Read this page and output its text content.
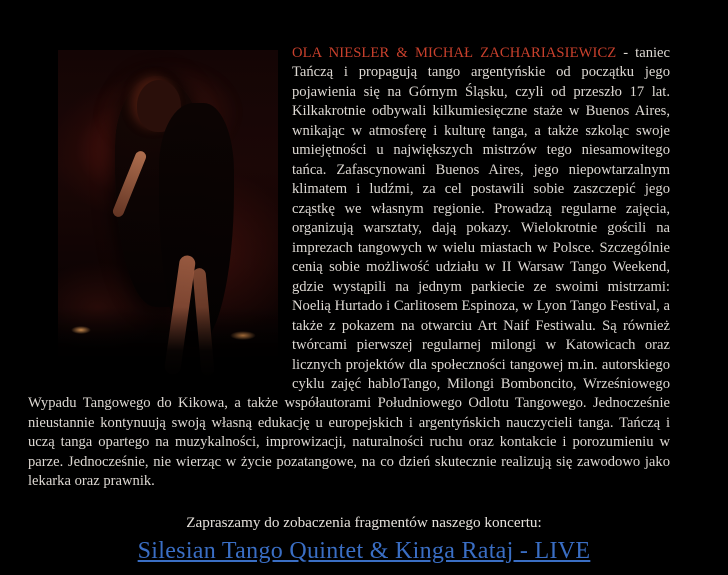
OLA NIESLER & MICHAŁ ZACHARIASIEWICZ - taniec Tańczą i propagują tango argentyńskie od początku jego pojawienia się na Górnym Śląsku, czyli od przeszło 17 lat. Kilkakrotnie odbywali kilkumiesięczne staże w Buenos Aires, wnikając w atmosferę i kulturę tanga, a także szkoląc swoje umiejętności u największych mistrzów tego niesamowitego tańca. Zafascynowani Buenos Aires, jego niepowtarzalnym klimatem i ludźmi, za cel postawili sobie zaszczepić jego cząstkę we własnym regionie. Prowadzą regularne zajęcia, organizują warsztaty, dają pokazy. Wielokrotnie gościli na imprezach tangowych w wielu miastach w Polsce. Szczególnie cenią sobie możliwość udziału w II Warsaw Tango Weekend, gdzie wystąpili na jednym parkiecie ze swoimi mistrzami: Noelią Hurtado i Carlitosem Espinoza, w Lyon Tango Festival, a także z pokazem na otwarciu Art Naif Festiwalu. Są również twórcami pierwszej regularnej milongi w Katowicach oraz licznych projektów dla społeczności tangowej m.in. autorskiego cyklu zajęć habloTango, Milongi Bomboncito, Wrześniowego Wypadu Tangowego do Kikowa, a także współautorami Południowego Odlotu Tangowego. Jednocześnie nieustannie kontynuują swoją własną edukację u europejskich i argentyńskich nauczycieli tanga. Tańczą i uczą tanga opartego na muzykalności, improwizacji, naturalności ruchu oraz kontakcie i porozumieniu w parze. Jednocześnie, nie wierząc w życie pozatangowe, na co dzień skutecznie realizują się zawodowo jako lekarka oraz prawnik.

Zapraszamy do zobaczenia fragmentów naszego koncertu:
Silesian Tango Quintet & Kinga Rataj - LIVE
